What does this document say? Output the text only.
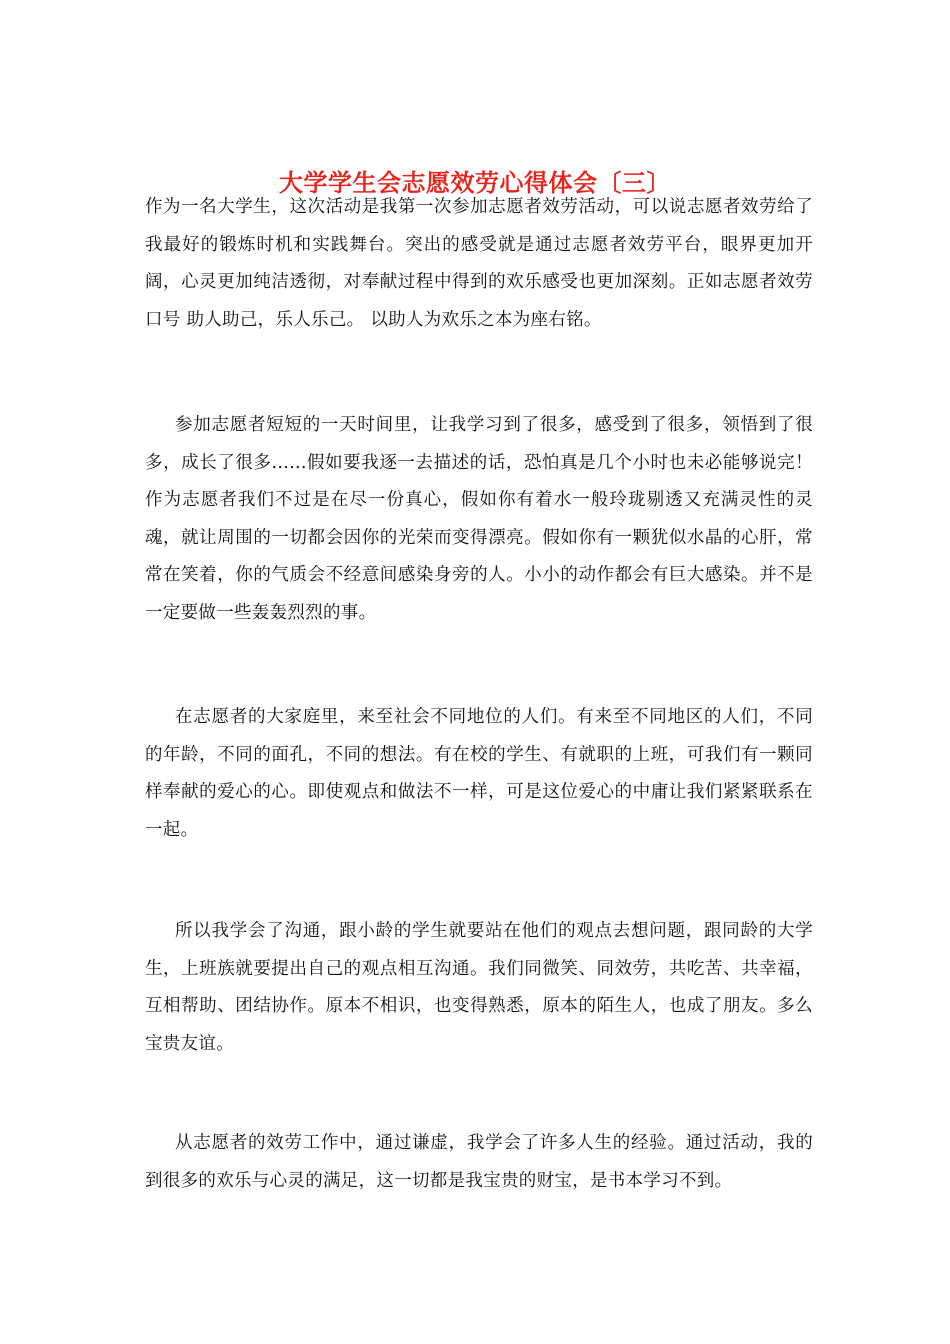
大学学生会志愿效劳心得体会〔三〕

作为一名大学生，这次活动是我第一次参加志愿者效劳活动，可以说志愿者效劳给了我最好的锻炼时机和实践舞台。突出的感受就是通过志愿者效劳平台，眼界更加开阔，心灵更加纯洁透彻，对奉献过程中得到的欢乐感受也更加深刻。正如志愿者效劳口号 助人助己，乐人乐己。 以助人为欢乐之本为座右铭。

参加志愿者短短的一天时间里，让我学习到了很多，感受到了很多，领悟到了很多，成长了很多......假如要我逐一去描述的话，恐怕真是几个小时也未必能够说完！作为志愿者我们不过是在尽一份真心，假如你有着水一般玲珑剔透又充满灵性的灵魂，就让周围的一切都会因你的光荣而变得漂亮。假如你有一颗犹似水晶的心肝，常常在笑着，你的气质会不经意间感染身旁的人。小小的动作都会有巨大感染。并不是一定要做一些轰轰烈烈的事。

在志愿者的大家庭里，来至社会不同地位的人们。有来至不同地区的人们，不同的年龄，不同的面孔，不同的想法。有在校的学生、有就职的上班，可我们有一颗同样奉献的爱心的心。即使观点和做法不一样，可是这位爱心的中庸让我们紧紧联系在一起。

所以我学会了沟通，跟小龄的学生就要站在他们的观点去想问题，跟同龄的大学生，上班族就要提出自己的观点相互沟通。我们同微笑、同效劳，共吃苦、共幸福，互相帮助、团结协作。原本不相识，也变得熟悉，原本的陌生人，也成了朋友。多么宝贵友谊。

从志愿者的效劳工作中，通过谦虚，我学会了许多人生的经验。通过活动，我的到很多的欢乐与心灵的满足，这一切都是我宝贵的财宝，是书本学习不到。
